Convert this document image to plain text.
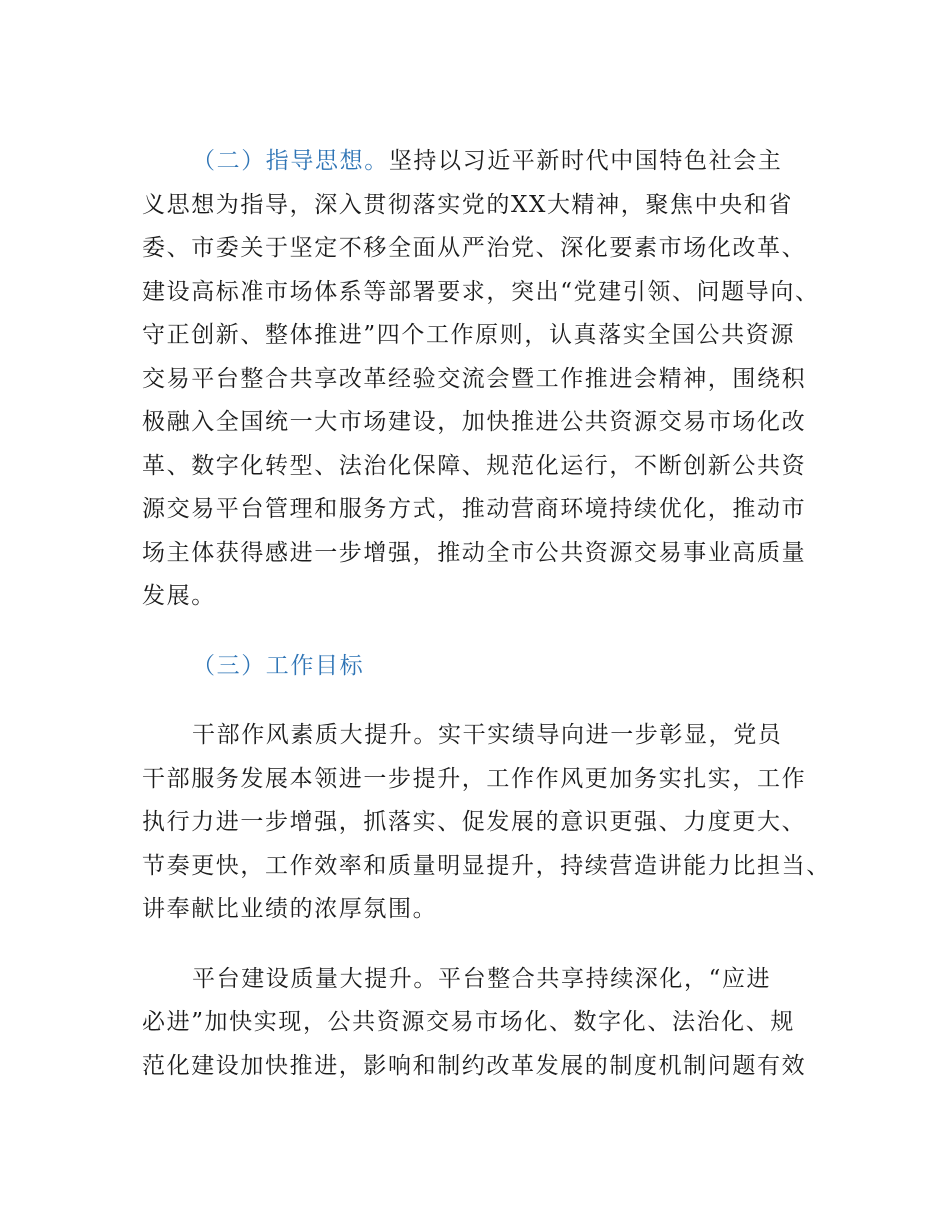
（二）指导思想。坚持以习近平新时代中国特色社会主
义思想为指导，深入贯彻落实党的XX大精神，聚焦中央和省
委、市委关于坚定不移全面从严治党、深化要素市场化改革、
建设高标准市场体系等部署要求，突出“党建引领、问题导向、
守正创新、整体推进”四个工作原则，认真落实全国公共资源
交易平台整合共享改革经验交流会暨工作推进会精神，围绕积
极融入全国统一大市场建设，加快推进公共资源交易市场化改
革、数字化转型、法治化保障、规范化运行，不断创新公共资
源交易平台管理和服务方式，推动营商环境持续优化，推动市
场主体获得感进一步增强，推动全市公共资源交易事业高质量
发展。

（三）工作目标

干部作风素质大提升。实干实绩导向进一步彰显，党员
干部服务发展本领进一步提升，工作作风更加务实扎实，工作
执行力进一步增强，抓落实、促发展的意识更强、力度更大、
节奏更快，工作效率和质量明显提升，持续营造讲能力比担当、
讲奉献比业绩的浓厚氛围。

平台建设质量大提升。平台整合共享持续深化，“应进
必进”加快实现，公共资源交易市场化、数字化、法治化、规
范化建设加快推进，影响和制约改革发展的制度机制问题有效
